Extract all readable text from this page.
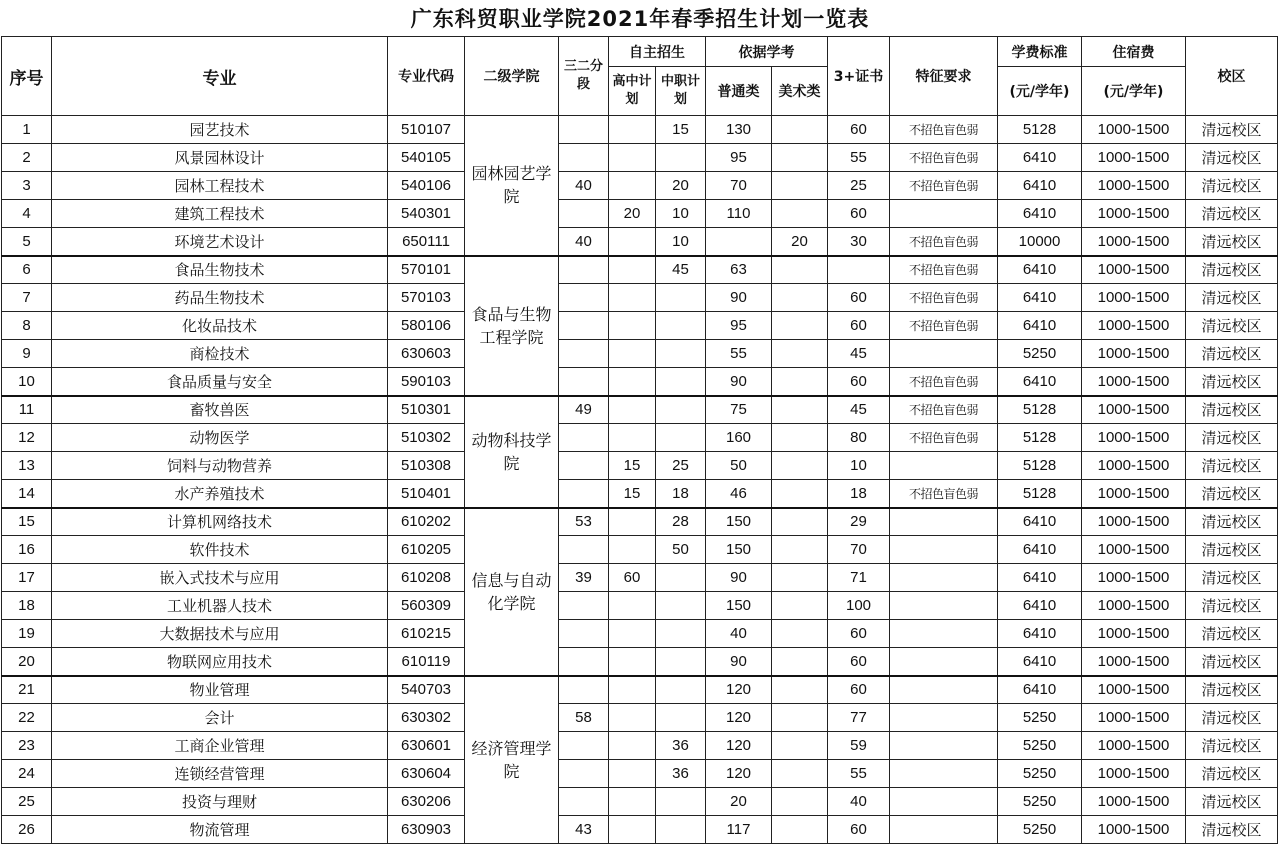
广东科贸职业学院2021年春季招生计划一览表
序号	专业	专业代码	二级学院	三二分段	自主招生		依据学考		3+证书	特征要求	学费标准	住宿费	校区
					高中计划	中职计划	普通类	美术类			(元/学年)	(元/学年)	
1	园艺技术	510107	园林园艺学院			15	130		60	不招色盲色弱	5128	1000-1500	清远校区
2	风景园林设计	540105					95		55	不招色盲色弱	6410	1000-1500	清远校区
3	园林工程技术	540106		40		20	70		25	不招色盲色弱	6410	1000-1500	清远校区
4	建筑工程技术	540301			20	10	110		60		6410	1000-1500	清远校区
5	环境艺术设计	650111		40		10		20	30	不招色盲色弱	10000	1000-1500	清远校区
6	食品生物技术	570101	食品与生物工程学院			45	63			不招色盲色弱	6410	1000-1500	清远校区
7	药品生物技术	570103					90		60	不招色盲色弱	6410	1000-1500	清远校区
8	化妆品技术	580106					95		60	不招色盲色弱	6410	1000-1500	清远校区
9	商检技术	630603					55		45		5250	1000-1500	清远校区
10	食品质量与安全	590103					90		60	不招色盲色弱	6410	1000-1500	清远校区
11	畜牧兽医	510301	动物科技学院	49			75		45	不招色盲色弱	5128	1000-1500	清远校区
12	动物医学	510302					160		80	不招色盲色弱	5128	1000-1500	清远校区
13	饲料与动物营养	510308			15	25	50		10		5128	1000-1500	清远校区
14	水产养殖技术	510401			15	18	46		18	不招色盲色弱	5128	1000-1500	清远校区
15	计算机网络技术	610202	信息与自动化学院	53		28	150		29		6410	1000-1500	清远校区
16	软件技术	610205				50	150		70		6410	1000-1500	清远校区
17	嵌入式技术与应用	610208		39	60		90		71		6410	1000-1500	清远校区
18	工业机器人技术	560309					150		100		6410	1000-1500	清远校区
19	大数据技术与应用	610215					40		60		6410	1000-1500	清远校区
20	物联网应用技术	610119					90		60		6410	1000-1500	清远校区
21	物业管理	540703	经济管理学院				120		60		6410	1000-1500	清远校区
22	会计	630302		58			120		77		5250	1000-1500	清远校区
23	工商企业管理	630601				36	120		59		5250	1000-1500	清远校区
24	连锁经营管理	630604				36	120		55		5250	1000-1500	清远校区
25	投资与理财	630206					20		40		5250	1000-1500	清远校区
26	物流管理	630903		43			117		60		5250	1000-1500	清远校区
